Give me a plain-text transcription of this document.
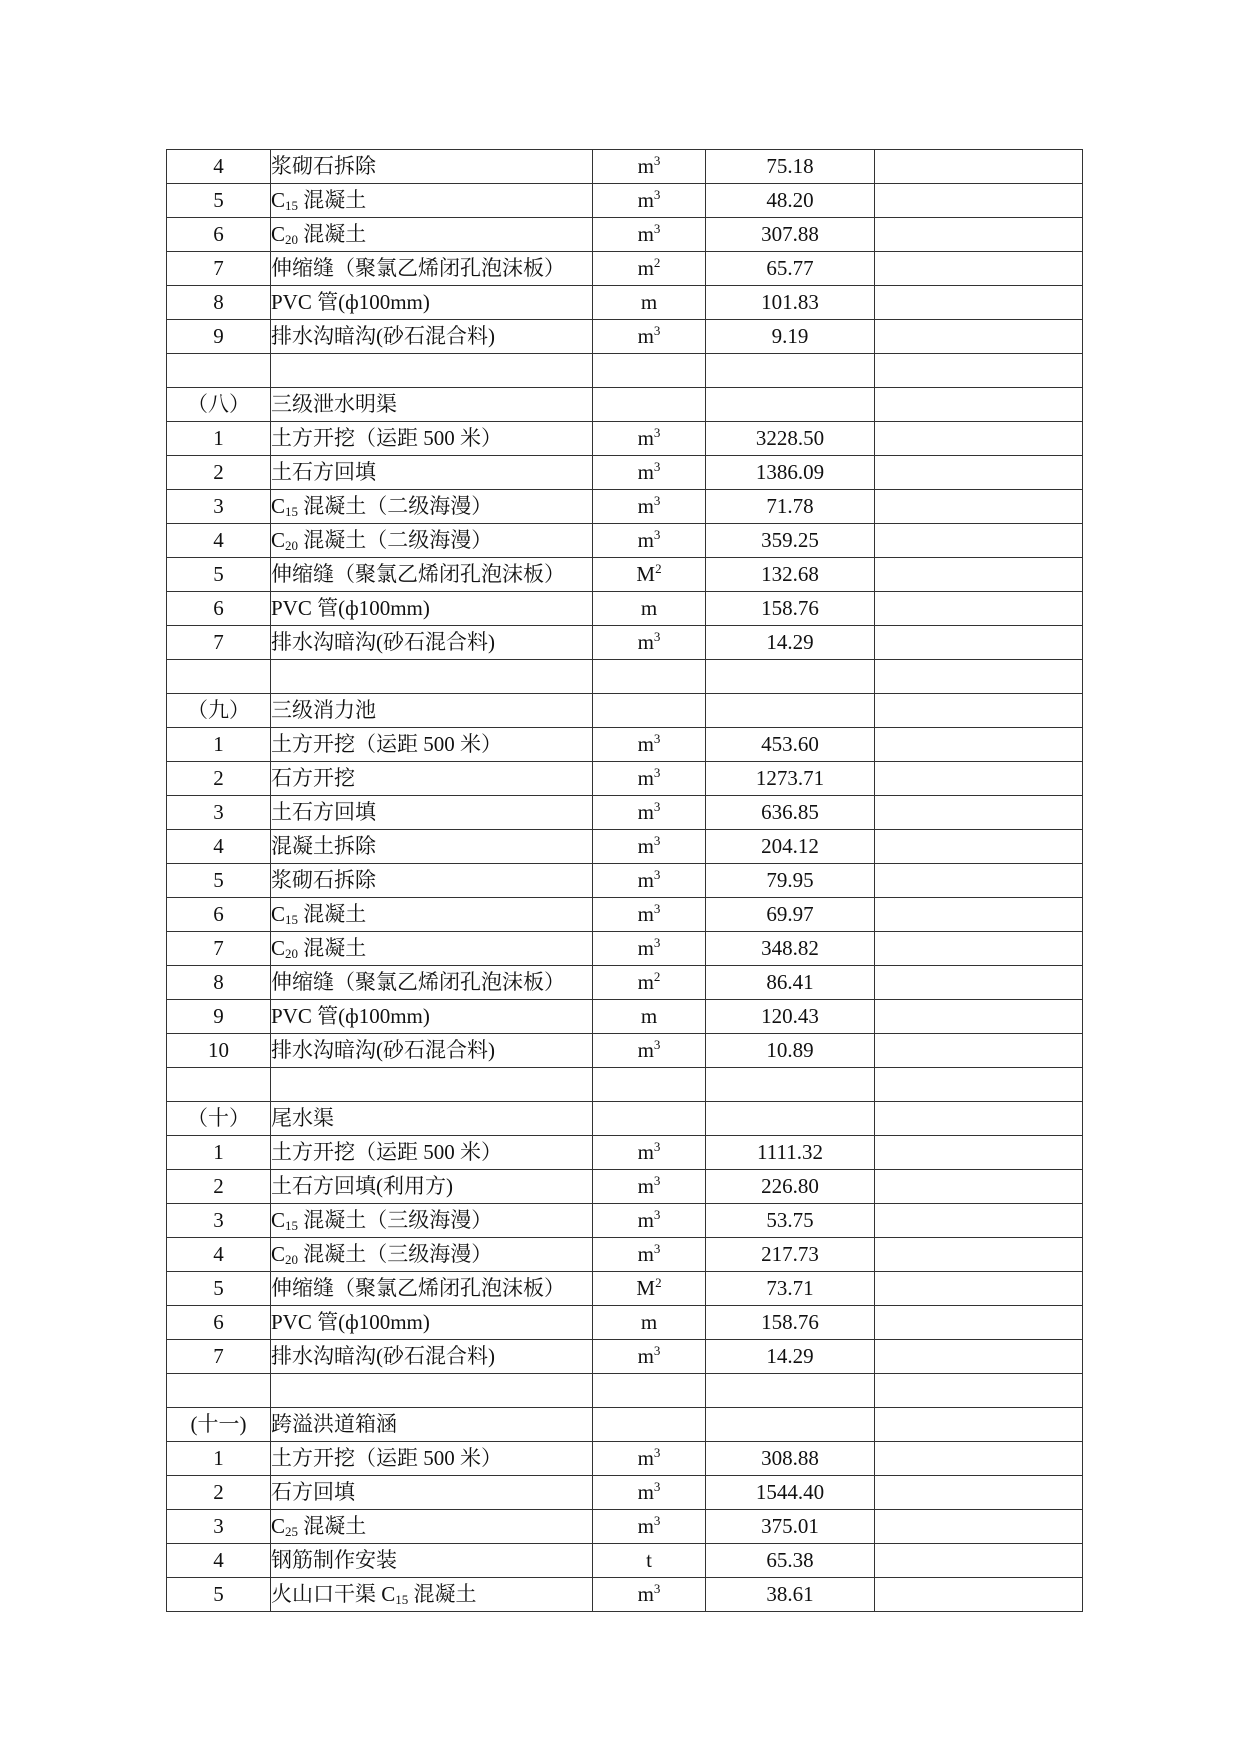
4	浆砌石拆除	$m^3$	75.18	
5	$C_{15}$ 混凝土	$m^3$	48.20	
6	$C_{20}$ 混凝土	$m^3$	307.88	
7	伸缩缝（聚氯乙烯闭孔泡沫板）	$m^2$	65.77	
8	PVC 管(ф100mm)	m	101.83	
9	排水沟暗沟(砂石混合料)	$m^3$	9.19	

（八）	三级泄水明渠			
1	土方开挖（运距 500 米）	$m^3$	3228.50	
2	土石方回填	$m^3$	1386.09	
3	$C_{15}$ 混凝土（二级海漫）	$m^3$	71.78	
4	$C_{20}$ 混凝土（二级海漫）	$m^3$	359.25	
5	伸缩缝（聚氯乙烯闭孔泡沫板）	$M^2$	132.68	
6	PVC 管(ф100mm)	m	158.76	
7	排水沟暗沟(砂石混合料)	$m^3$	14.29	

（九）	三级消力池			
1	土方开挖（运距 500 米）	$m^3$	453.60	
2	石方开挖	$m^3$	1273.71	
3	土石方回填	$m^3$	636.85	
4	混凝土拆除	$m^3$	204.12	
5	浆砌石拆除	$m^3$	79.95	
6	$C_{15}$ 混凝土	$m^3$	69.97	
7	$C_{20}$ 混凝土	$m^3$	348.82	
8	伸缩缝（聚氯乙烯闭孔泡沫板）	$m^2$	86.41	
9	PVC 管(ф100mm)	m	120.43	
10	排水沟暗沟(砂石混合料)	$m^3$	10.89	

（十）	尾水渠			
1	土方开挖（运距 500 米）	$m^3$	1111.32	
2	土石方回填(利用方)	$m^3$	226.80	
3	$C_{15}$ 混凝土（三级海漫）	$m^3$	53.75	
4	$C_{20}$ 混凝土（三级海漫）	$m^3$	217.73	
5	伸缩缝（聚氯乙烯闭孔泡沫板）	$M^2$	73.71	
6	PVC 管(ф100mm)	m	158.76	
7	排水沟暗沟(砂石混合料)	$m^3$	14.29	

(十一)	跨溢洪道箱涵			
1	土方开挖（运距 500 米）	$m^3$	308.88	
2	石方回填	$m^3$	1544.40	
3	$C_{25}$ 混凝土	$m^3$	375.01	
4	钢筋制作安装	t	65.38	
5	火山口干渠 $C_{15}$ 混凝土	$m^3$	38.61	
